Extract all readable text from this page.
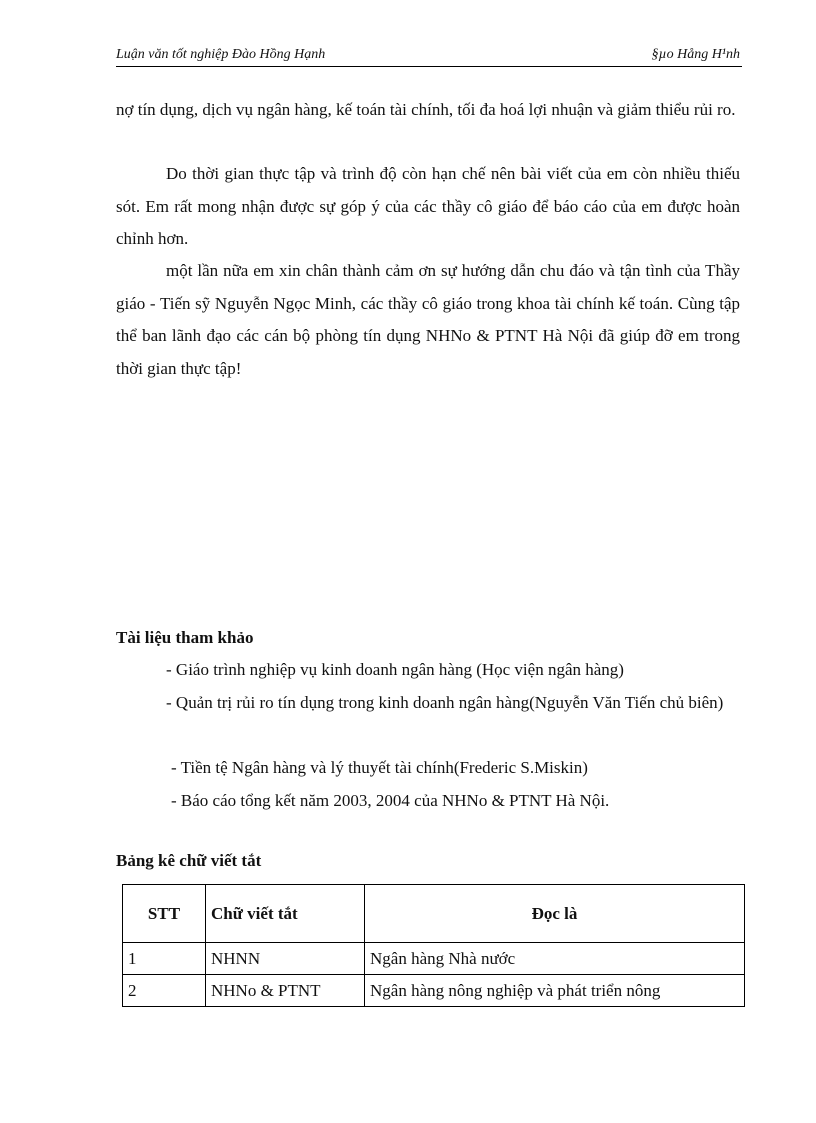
Luận văn tốt nghiệp Đào Hồng Hạnh	§µo Hång H¹nh

nợ tín dụng, dịch vụ ngân hàng, kế toán tài chính, tối đa hoá lợi nhuận và giảm thiểu rủi ro.

Do thời gian thực tập và trình độ còn hạn chế nên bài viết của em còn nhiều thiếu sót. Em rất mong nhận được sự góp ý của các thầy cô giáo để báo cáo của em được hoàn chỉnh hơn.

một lần nữa em xin chân thành cảm ơn sự hướng dẫn chu đáo và tận tình của Thầy giáo - Tiến sỹ Nguyễn Ngọc Minh, các thầy cô giáo trong khoa tài chính kế toán. Cùng tập thể ban lãnh đạo các cán bộ phòng tín dụng NHNo & PTNT Hà Nội đã giúp đỡ em trong thời gian thực tập!

Tài liệu tham khảo

- Giáo trình nghiệp vụ kinh doanh ngân hàng (Học viện ngân hàng)

- Quản trị rủi ro tín dụng trong kinh doanh ngân hàng(Nguyễn Văn Tiến chủ biên)

- Tiền tệ Ngân hàng và lý thuyết tài chính(Frederic S.Miskin)

- Báo cáo tổng kết năm 2003, 2004 của NHNo & PTNT Hà Nội.

Bảng kê chữ viết tắt
STT	Chữ viết tắt	Đọc là
1	NHNN	Ngân hàng Nhà nước
2	NHNo & PTNT	Ngân hàng nông nghiệp và phát triển nông
